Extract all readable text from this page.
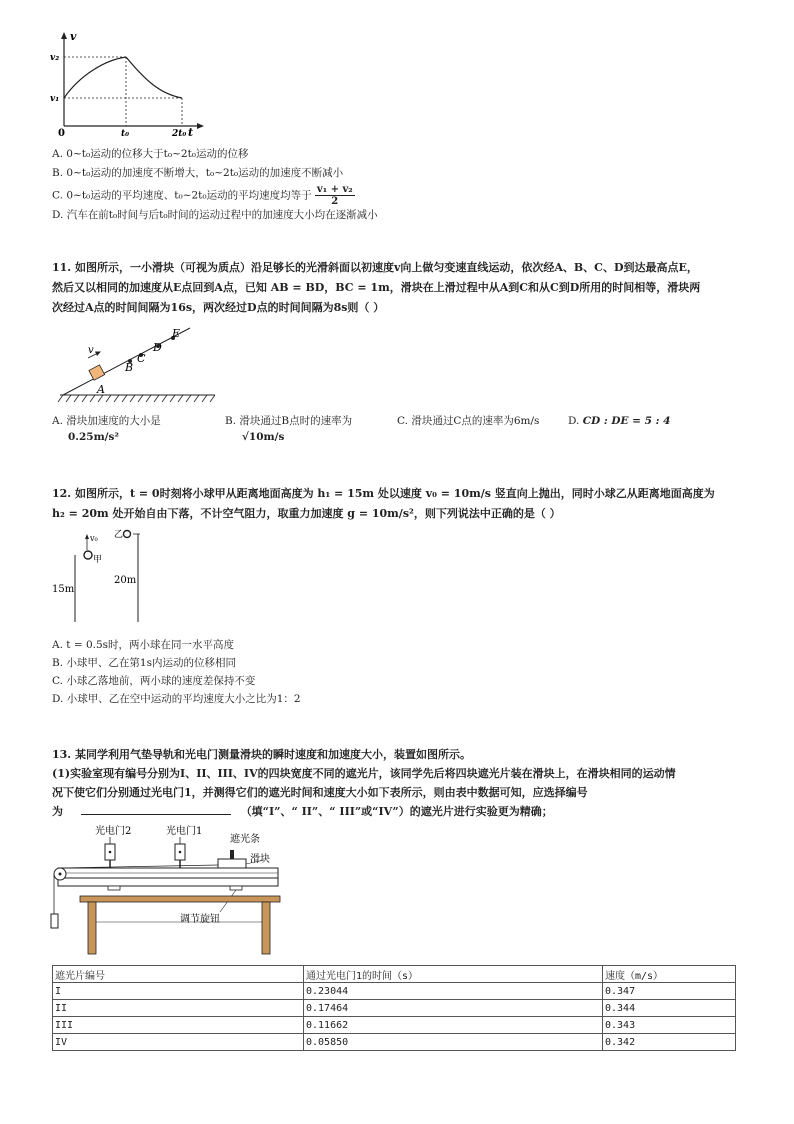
v
v₂
v₁
0	t₀	2t₀ t
A. 0~t₀运动的位移大于t₀~2t₀运动的位移
B. 0~t₀运动的加速度不断增大，t₀~2t₀运动的加速度不断减小
C. 0~t₀运动的平均速度、t₀~2t₀运动的平均速度均等于 $\frac{\text{v₁ + v₂}}{2}$
D. 汽车在前t₀时间与后t₀时间的运动过程中的加速度大小均在逐渐减小
11. 如图所示，一小滑块（可视为质点）沿足够长的光滑斜面以初速度v向上做匀变速直线运动，依次经A、B、C、D到达最高点E，
然后又以相同的加速度从E点回到A点，已知 AB = BD，BC = 1m，滑块在上滑过程中从A到C和从C到D所用的时间相等，滑块两
次经过A点的时间间隔为16s，两次经过D点的时间间隔为8s则（ ）
v
A
B
C
D
E
A. 滑块加速度的大小是
0.25m/s²
B. 滑块通过B点时的速率为
√10m/s
C. 滑块通过C点的速率为6m/s	D. CD : DE = 5 : 4
12. 如图所示，t = 0时刻将小球甲从距离地面高度为 h₁ = 15m 处以速度 v₀ = 10m/s 竖直向上抛出，同时小球乙从距离地面高度为
h₂ = 20m 处开始自由下落，不计空气阻力，取重力加速度 g = 10m/s²，则下列说法中正确的是（ ）
v₀
甲
15m
乙
20m
A. t = 0.5s时，两小球在同一水平高度
B. 小球甲、乙在第1s内运动的位移相同
C. 小球乙落地前，两小球的速度差保持不变
D. 小球甲、乙在空中运动的平均速度大小之比为1：2
13. 某同学利用气垫导轨和光电门测量滑块的瞬时速度和加速度大小，装置如图所示。
(1)实验室现有编号分别为I、II、III、IV的四块宽度不同的遮光片，该同学先后将四块遮光片装在滑块上，在滑块相同的运动情
况下使它们分别通过光电门1，并测得它们的遮光时间和速度大小如下表所示，则由表中数据可知，应选择编号
为	（填“I”、“ II”、“ III”或“IV”）的遮光片进行实验更为精确；
光电门2	光电门1
遮光条
滑块
调节旋钮
遮光片编号	通过光电门1的时间（s）	速度（m/s）
I	0.23044	0.347
II	0.17464	0.344
III	0.11662	0.343
IV	0.05850	0.342
